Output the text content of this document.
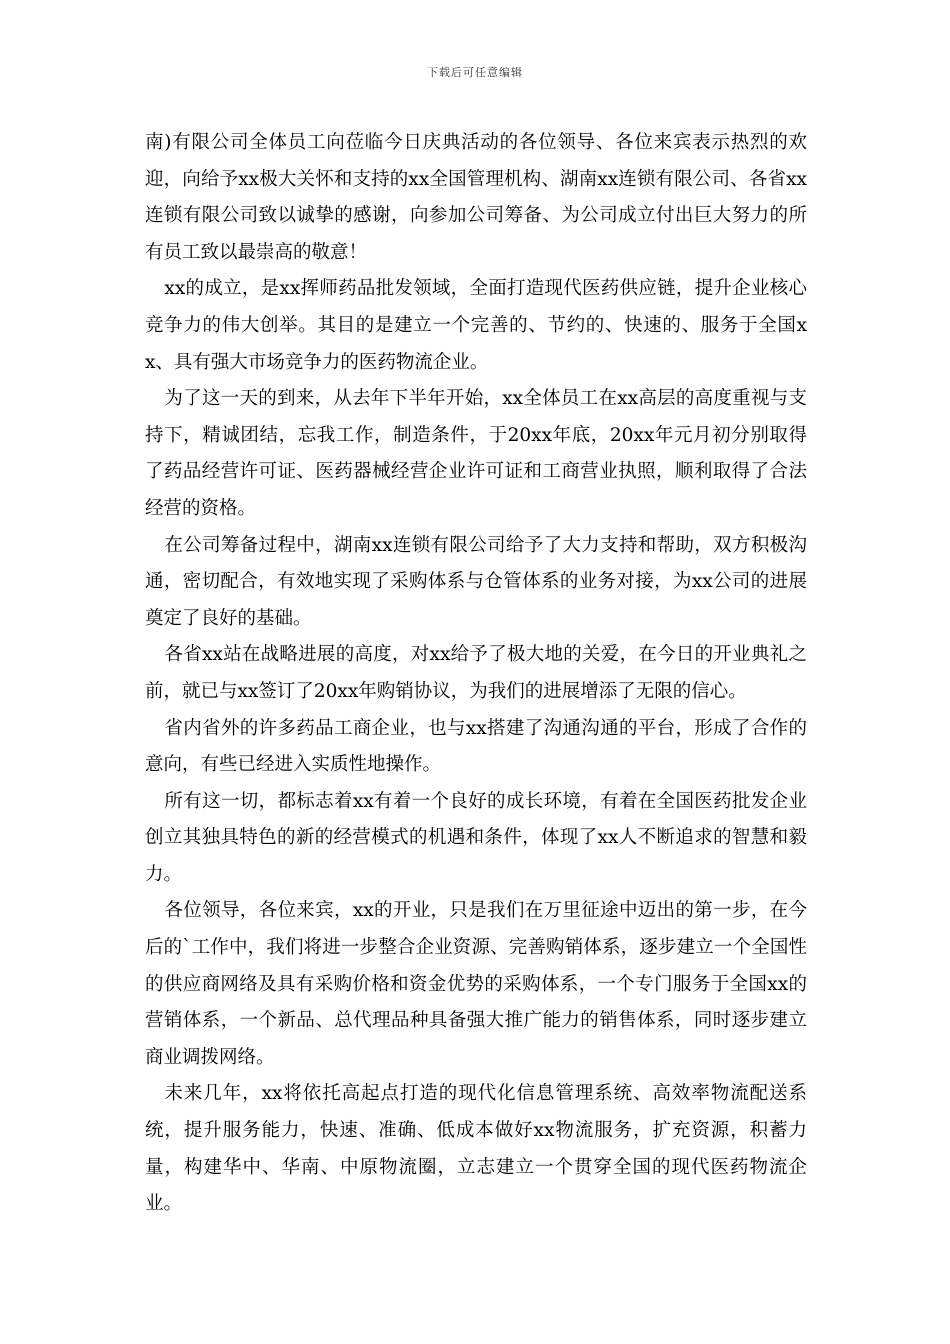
下载后可任意编辑

南)有限公司全体员工向莅临今日庆典活动的各位领导、各位来宾表示热烈的欢迎，向给予xx极大关怀和支持的xx全国管理机构、湖南xx连锁有限公司、各省xx连锁有限公司致以诚挚的感谢，向参加公司筹备、为公司成立付出巨大努力的所有员工致以最崇高的敬意！

xx的成立，是xx挥师药品批发领域，全面打造现代医药供应链，提升企业核心竞争力的伟大创举。其目的是建立一个完善的、节约的、快速的、服务于全国xx、具有强大市场竞争力的医药物流企业。

为了这一天的到来，从去年下半年开始，xx全体员工在xx高层的高度重视与支持下，精诚团结，忘我工作，制造条件，于20xx年底，20xx年元月初分别取得了药品经营许可证、医药器械经营企业许可证和工商营业执照，顺利取得了合法经营的资格。

在公司筹备过程中，湖南xx连锁有限公司给予了大力支持和帮助，双方积极沟通，密切配合，有效地实现了采购体系与仓管体系的业务对接，为xx公司的进展奠定了良好的基础。

各省xx站在战略进展的高度，对xx给予了极大地的关爱，在今日的开业典礼之前，就已与xx签订了20xx年购销协议，为我们的进展增添了无限的信心。

省内省外的许多药品工商企业，也与xx搭建了沟通沟通的平台，形成了合作的意向，有些已经进入实质性地操作。

所有这一切，都标志着xx有着一个良好的成长环境，有着在全国医药批发企业创立其独具特色的新的经营模式的机遇和条件，体现了xx人不断追求的智慧和毅力。

各位领导，各位来宾，xx的开业，只是我们在万里征途中迈出的第一步，在今后的`工作中，我们将进一步整合企业资源、完善购销体系，逐步建立一个全国性的供应商网络及具有采购价格和资金优势的采购体系，一个专门服务于全国xx的营销体系，一个新品、总代理品种具备强大推广能力的销售体系，同时逐步建立商业调拨网络。

未来几年，xx将依托高起点打造的现代化信息管理系统、高效率物流配送系统，提升服务能力，快速、准确、低成本做好xx物流服务，扩充资源，积蓄力量，构建华中、华南、中原物流圈，立志建立一个贯穿全国的现代医药物流企业。
